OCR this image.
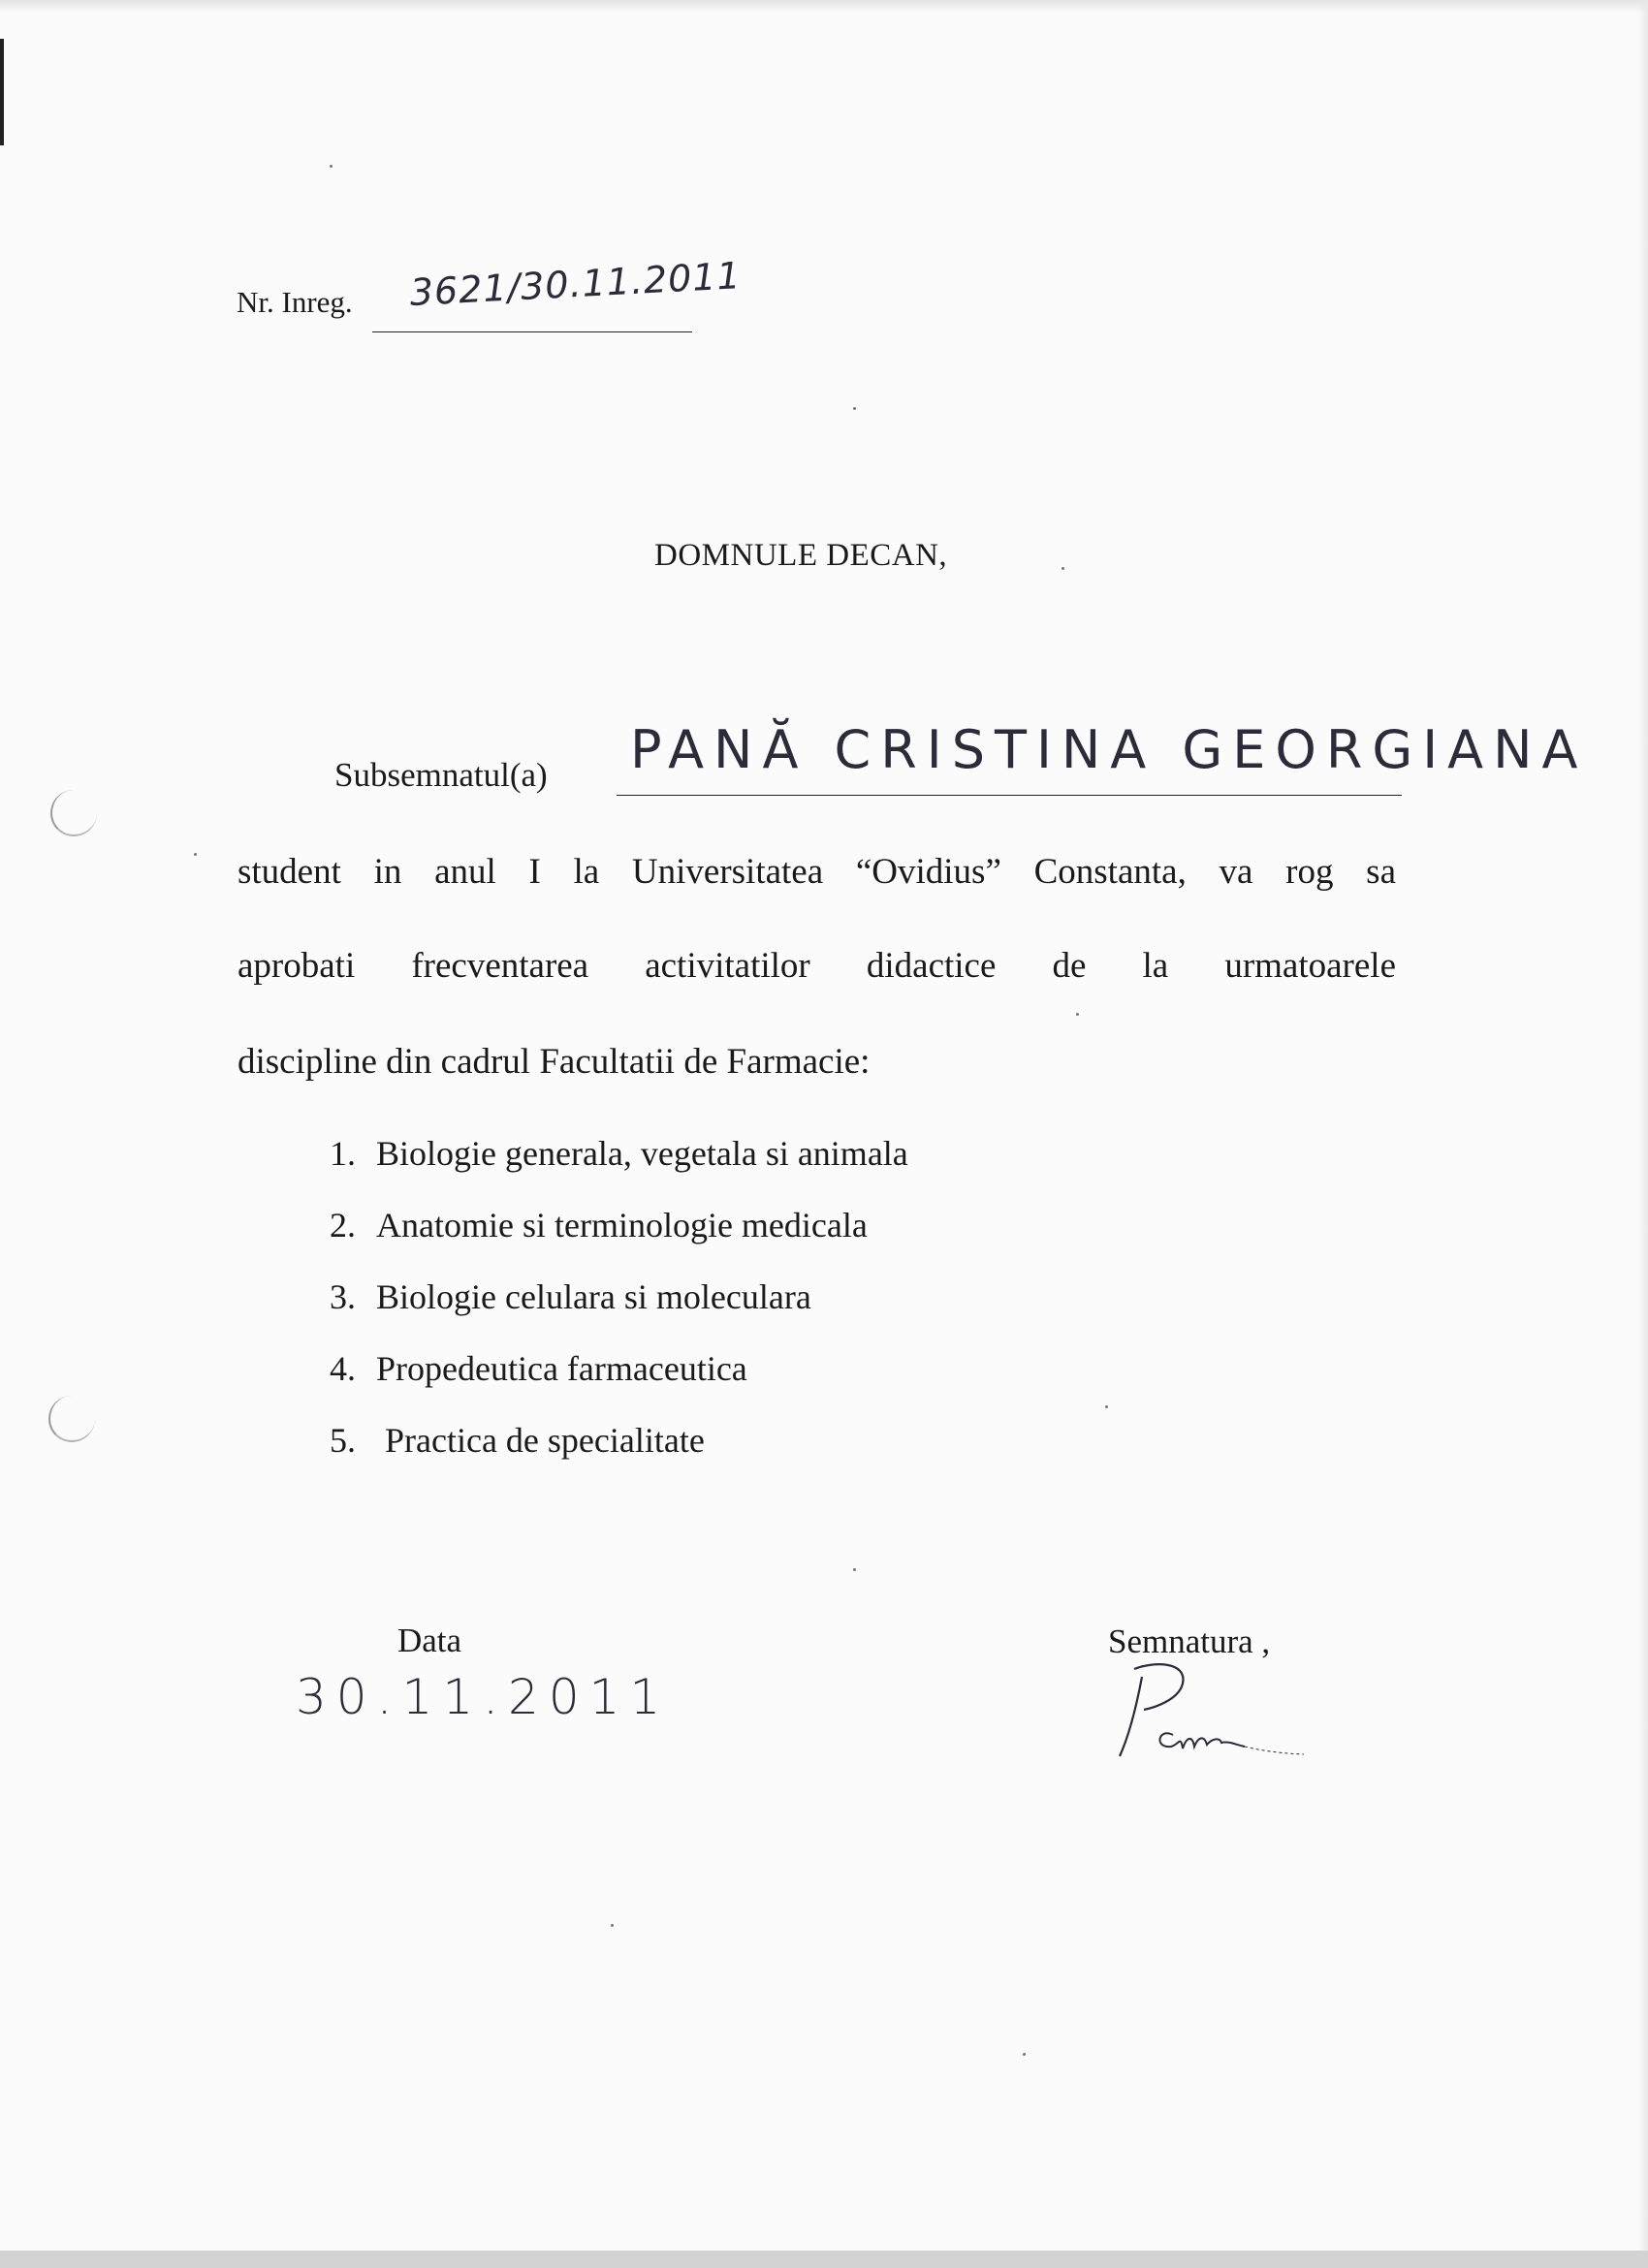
Nr. Inreg. 3621/30.11.2011
DOMNULE DECAN,
Subsemnatul(a) PANĂ CRISTINA GEORGIANA
student in anul I la Universitatea “Ovidius” Constanta, va rog sa
aprobati frecventarea activitatilor didactice de la urmatoarele
discipline din cadrul Facultatii de Farmacie:
1. Biologie generala, vegetala si animala
2. Anatomie si terminologie medicala
3. Biologie celulara si moleculara
4. Propedeutica farmaceutica
5. Practica de specialitate
Data
30.11.2011
Semnatura ,
